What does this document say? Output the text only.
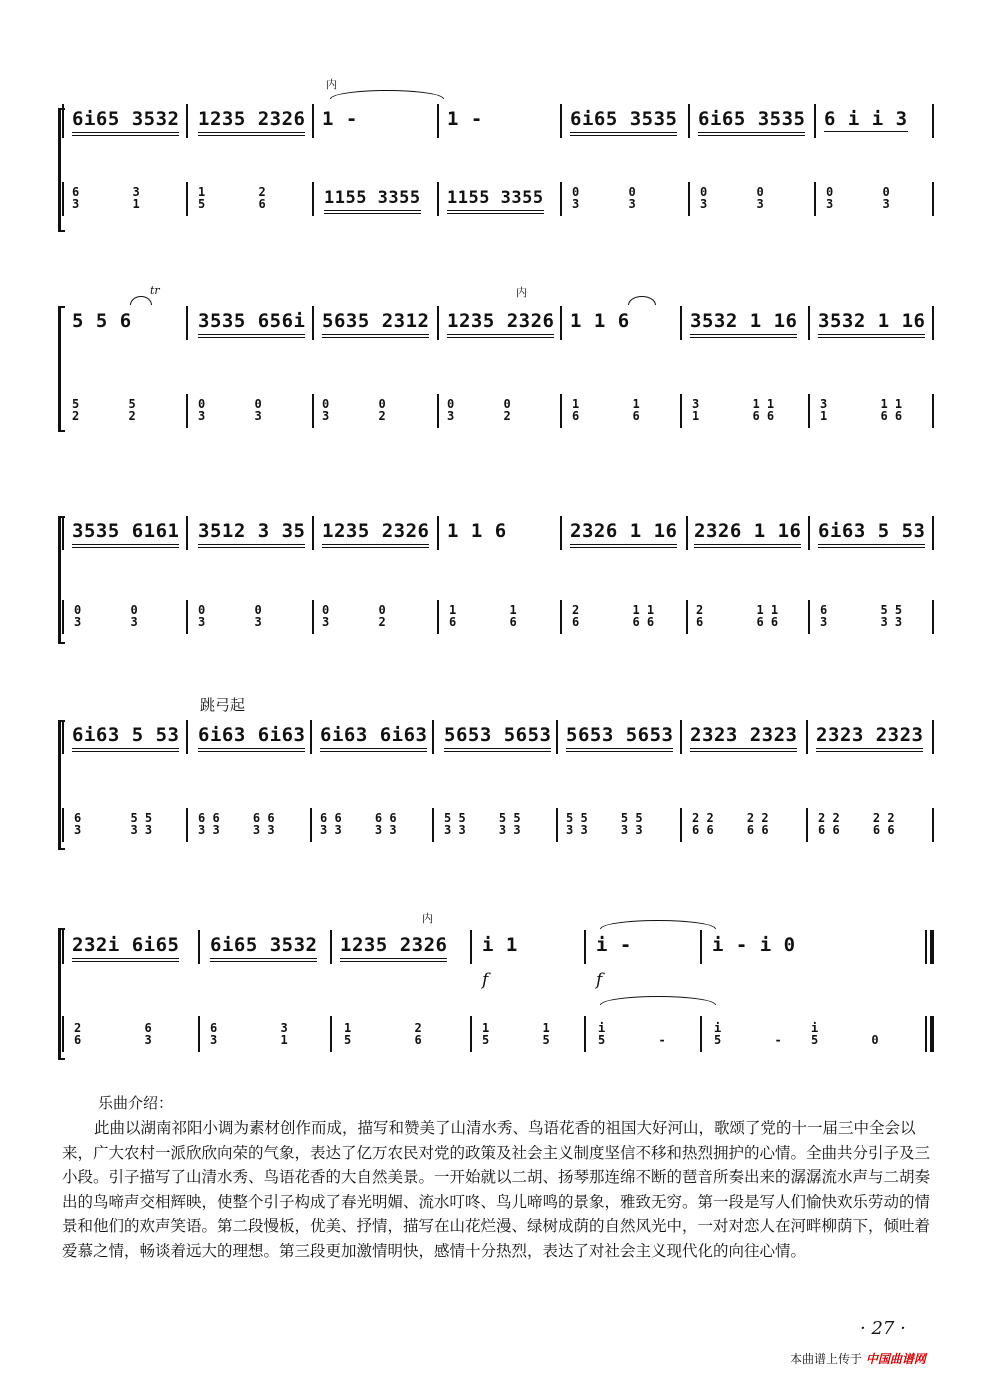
内
6i65 3532 1235 2326 1 -	1 -	6i65 3535 6i65 3535 6 i i 3
6
3 3
1
1
5 2
6	1155 3355 1155 3355 0
3 0
3
0
3 0
3
0
3 0
3
tr	内
5 5 6	3535 656i 5635 2312 1235 2326 1 1 6	3532 1 16 3532 1 16
5
2 5
2
0
3 0
3
0
3 0
2
0
3 0
2
1
6 1
6
3
1 1 1
6 6
3
1 1 1
6 6
3535 6161 3512 3 35 1235 2326 1 1 6	2326 1 16 2326 1 16 6i63 5 53
0
3 0
3
0
3 0
3
0
3 0
2
1
6 1
6
2
6 1 1
6 6
2
6 1 1
6 6
6
3 5 5
3 3
跳弓起
6i63 5 53 6i63 6i63 6i63 6i63 5653 5653 5653 5653 2323 2323 2323 2323
6
3 5 5
3 3
6 6
3 3 6 6
3 3
6 6
3 3 6 6
3 3
5 5
3 3 5 5
3 3
5 5
3 3 5 5
3 3
2 2
6 6 2 2
6 6
2 2
6 6 2 2
6 6
内
232i 6i65 6i65 3532 1235 2326 i 1	i -	i - i 0
f	f
2
6 6
3
6
3 3
1
1
5 2
6
1
5 1
5
i
5	-

i
5	-
i
5	0

乐曲介绍：
此曲以湖南祁阳小调为素材创作而成，描写和赞美了山清水秀、鸟语花香的祖国大好河山，歌颂了党的十一届三中全会以来，广大农村一派欣欣向荣的气象，表达了亿万农民对党的政策及社会主义制度坚信不移和热烈拥护的心情。全曲共分引子及三小段。引子描写了山清水秀、鸟语花香的大自然美景。一开始就以二胡、扬琴那连绵不断的琶音所奏出来的潺潺流水声与二胡奏出的鸟啼声交相辉映，使整个引子构成了春光明媚、流水叮咚、鸟儿啼鸣的景象，雅致无穷。第一段是写人们愉快欢乐劳动的情景和他们的欢声笑语。第二段慢板，优美、抒情，描写在山花烂漫、绿树成荫的自然风光中，一对对恋人在河畔柳荫下，倾吐着爱慕之情，畅谈着远大的理想。第三段更加激情明快，感情十分热烈，表达了对社会主义现代化的向往心情。
· 27 ·
本曲谱上传于 中国曲谱网
